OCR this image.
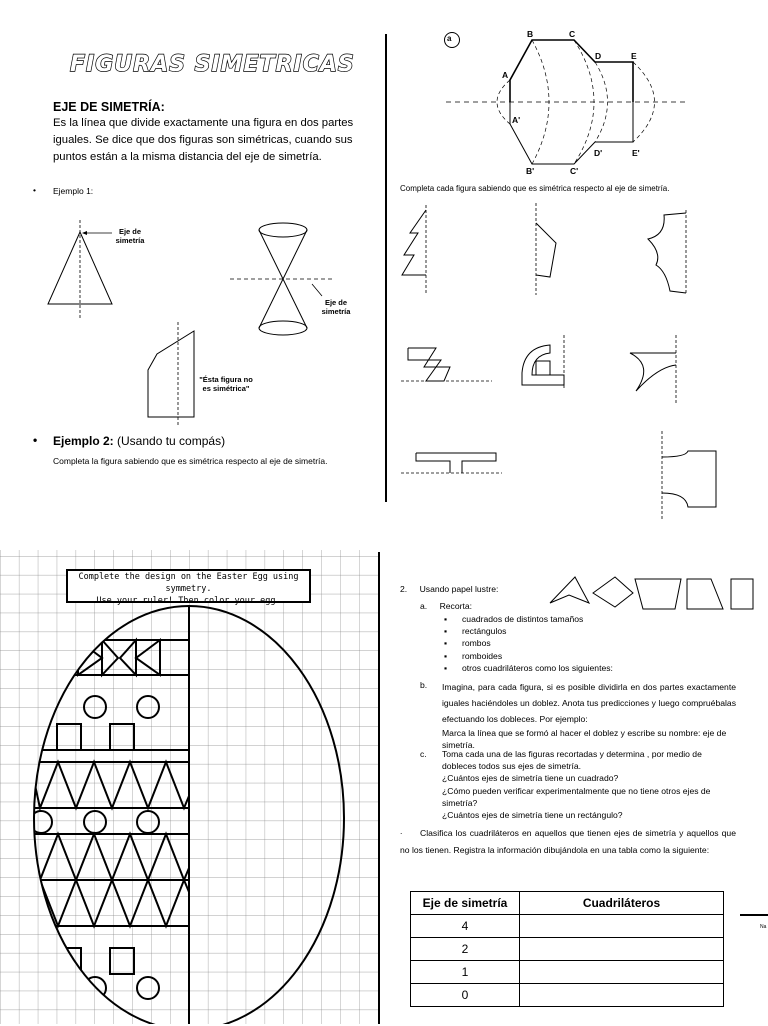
FIGURAS SIMETRICAS
EJE DE SIMETRÍA:
Es la línea que divide exactamente una figura en dos partes iguales. Se dice que dos figuras son simétricas, cuando sus puntos están a la misma distancia del eje de simetría.
• Ejemplo 1:
Eje de simetría
Eje de simetría
"Ésta figura no es simétrica"
• Ejemplo 2: (Usando tu compás)
Completa la figura sabiendo que es simétrica respecto al eje de simetría.
a
A
B	C
D	E
A'
B'	C'
D'	E'
Completa cada figura sabiendo que es simétrica respecto al eje de simetría.
Complete the design on the Easter Egg using symmetry.
Use your ruler! Then color your egg.
2. Usando papel lustre:
a. Recorta:
▪ cuadrados de distintos tamaños
▪ rectángulos
▪ rombos
▪ romboides
▪ otros cuadriláteros como los siguientes:
b. Imagina, para cada figura, si es posible dividirla en dos partes exactamente iguales haciéndoles un doblez. Anota tus predicciones y luego compruébalas efectuando los dobleces. Por ejemplo:
Marca la línea que se formó al hacer el doblez y escribe su nombre: eje de simetría.
c. Toma cada una de las figuras recortadas y determina , por medio de dobleces todos sus ejes de simetría.
¿Cuántos ejes de simetría tiene un cuadrado?
¿Cómo pueden verificar experimentalmente que no tiene otros ejes de simetría?
¿Cuántos ejes de simetría tiene un rectángulo?
.	Clasifica los cuadriláteros en aquellos que tienen ejes de simetría y aquellos que no los tienen. Registra la información dibujándola en una tabla como la siguiente:
Eje de simetría	Cuadriláteros
4	
2	
1	
0	
Na
